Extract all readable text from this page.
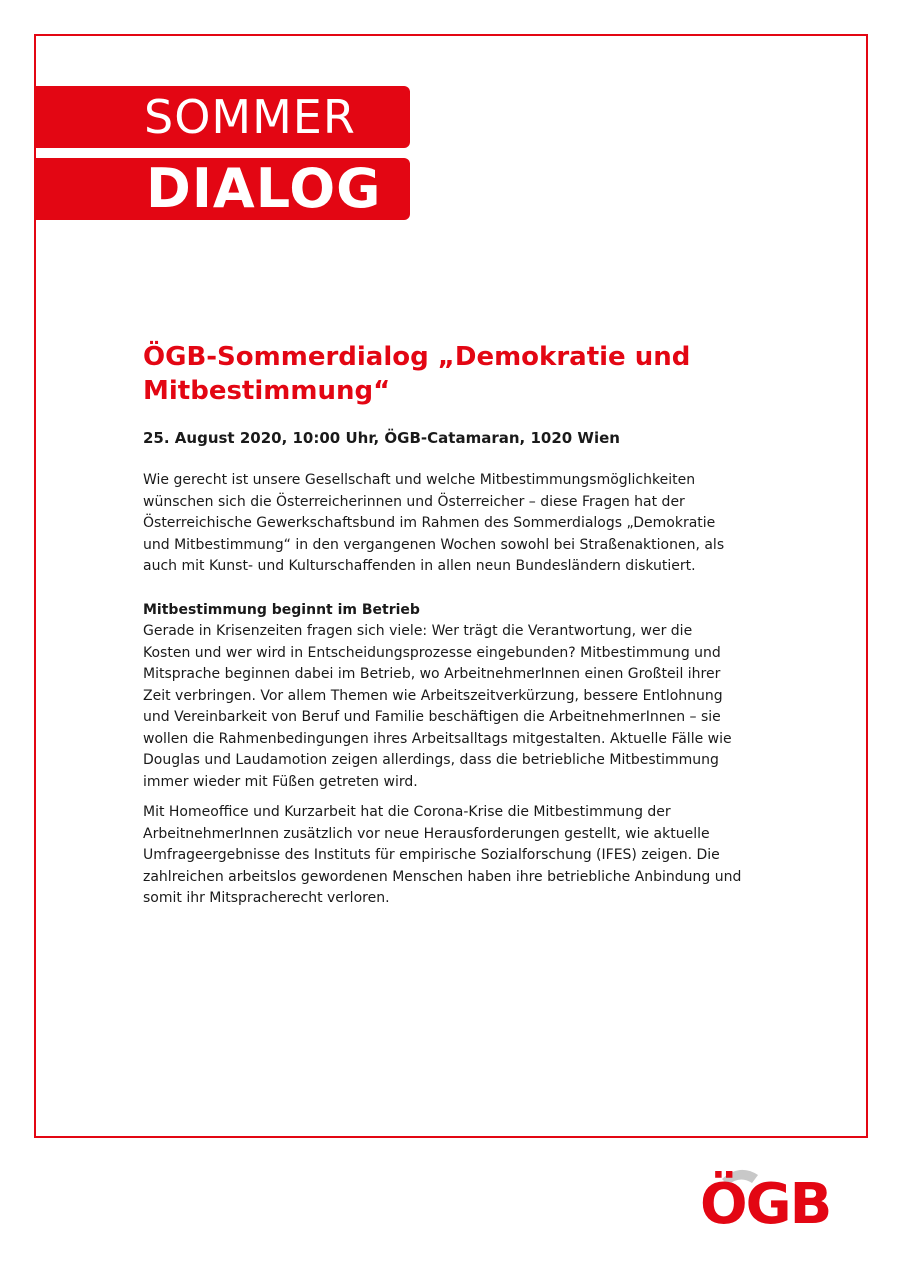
SOMMER
DIALOG
ÖGB-Sommerdialog „Demokratie und Mitbestimmung“

25. August 2020, 10:00 Uhr, ÖGB-Catamaran, 1020 Wien

Wie gerecht ist unsere Gesellschaft und welche Mitbestimmungsmöglichkeiten wünschen sich die Österreicherinnen und Österreicher – diese Fragen hat der Österreichische Gewerkschaftsbund im Rahmen des Sommerdialogs „Demokratie und Mitbestimmung“ in den vergangenen Wochen sowohl bei Straßenaktionen, als auch mit Kunst- und Kulturschaffenden in allen neun Bundesländern diskutiert.

Mitbestimmung beginnt im Betrieb

Gerade in Krisenzeiten fragen sich viele: Wer trägt die Verantwortung, wer die Kosten und wer wird in Entscheidungsprozesse eingebunden? Mitbestimmung und Mitsprache beginnen dabei im Betrieb, wo ArbeitnehmerInnen einen Großteil ihrer Zeit verbringen. Vor allem Themen wie Arbeitszeitverkürzung, bessere Entlohnung und Vereinbarkeit von Beruf und Familie beschäftigen die ArbeitnehmerInnen – sie wollen die Rahmenbedingungen ihres Arbeitsalltags mitgestalten. Aktuelle Fälle wie Douglas und Laudamotion zeigen allerdings, dass die betriebliche Mitbestimmung immer wieder mit Füßen getreten wird.

Mit Homeoffice und Kurzarbeit hat die Corona-Krise die Mitbestimmung der ArbeitnehmerInnen zusätzlich vor neue Herausforderungen gestellt, wie aktuelle Umfrageergebnisse des Instituts für empirische Sozialforschung (IFES) zeigen. Die zahlreichen arbeitslos gewordenen Menschen haben ihre betriebliche Anbindung und somit ihr Mitspracherecht verloren.

ÖGB
